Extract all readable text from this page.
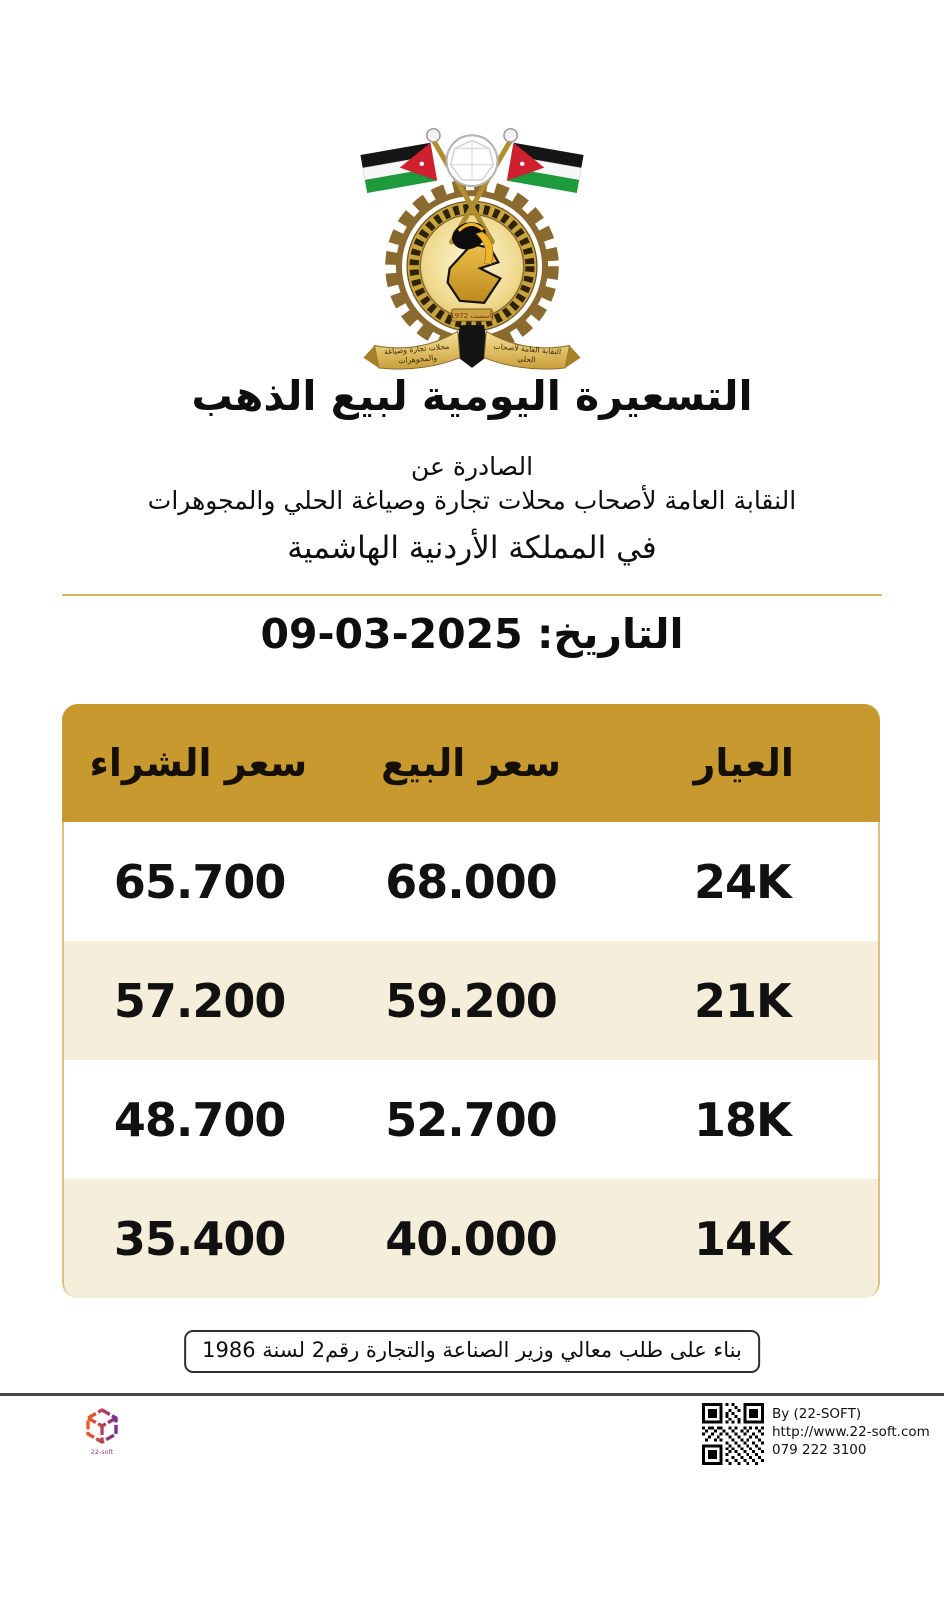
تأسست 1972
محلات تجارة وصياغة
والمجوهرات
النقابة العامة لأصحاب
الحلي
التسعيرة اليومية لبيع الذهب
الصادرة عن
النقابة العامة لأصحاب محلات تجارة وصياغة الحلي والمجوهرات
في المملكة الأردنية الهاشمية
التاريخ: 09-03-2025
العيار
سعر البيع
سعر الشراء
24K
68.000
65.700
21K
59.200
57.200
18K
52.700
48.700
14K
40.000
35.400
بناء على طلب معالي وزير الصناعة والتجارة رقم2 لسنة 1986
22-soft
By (22-SOFT)
http://www.22-soft.com
079 222 3100
